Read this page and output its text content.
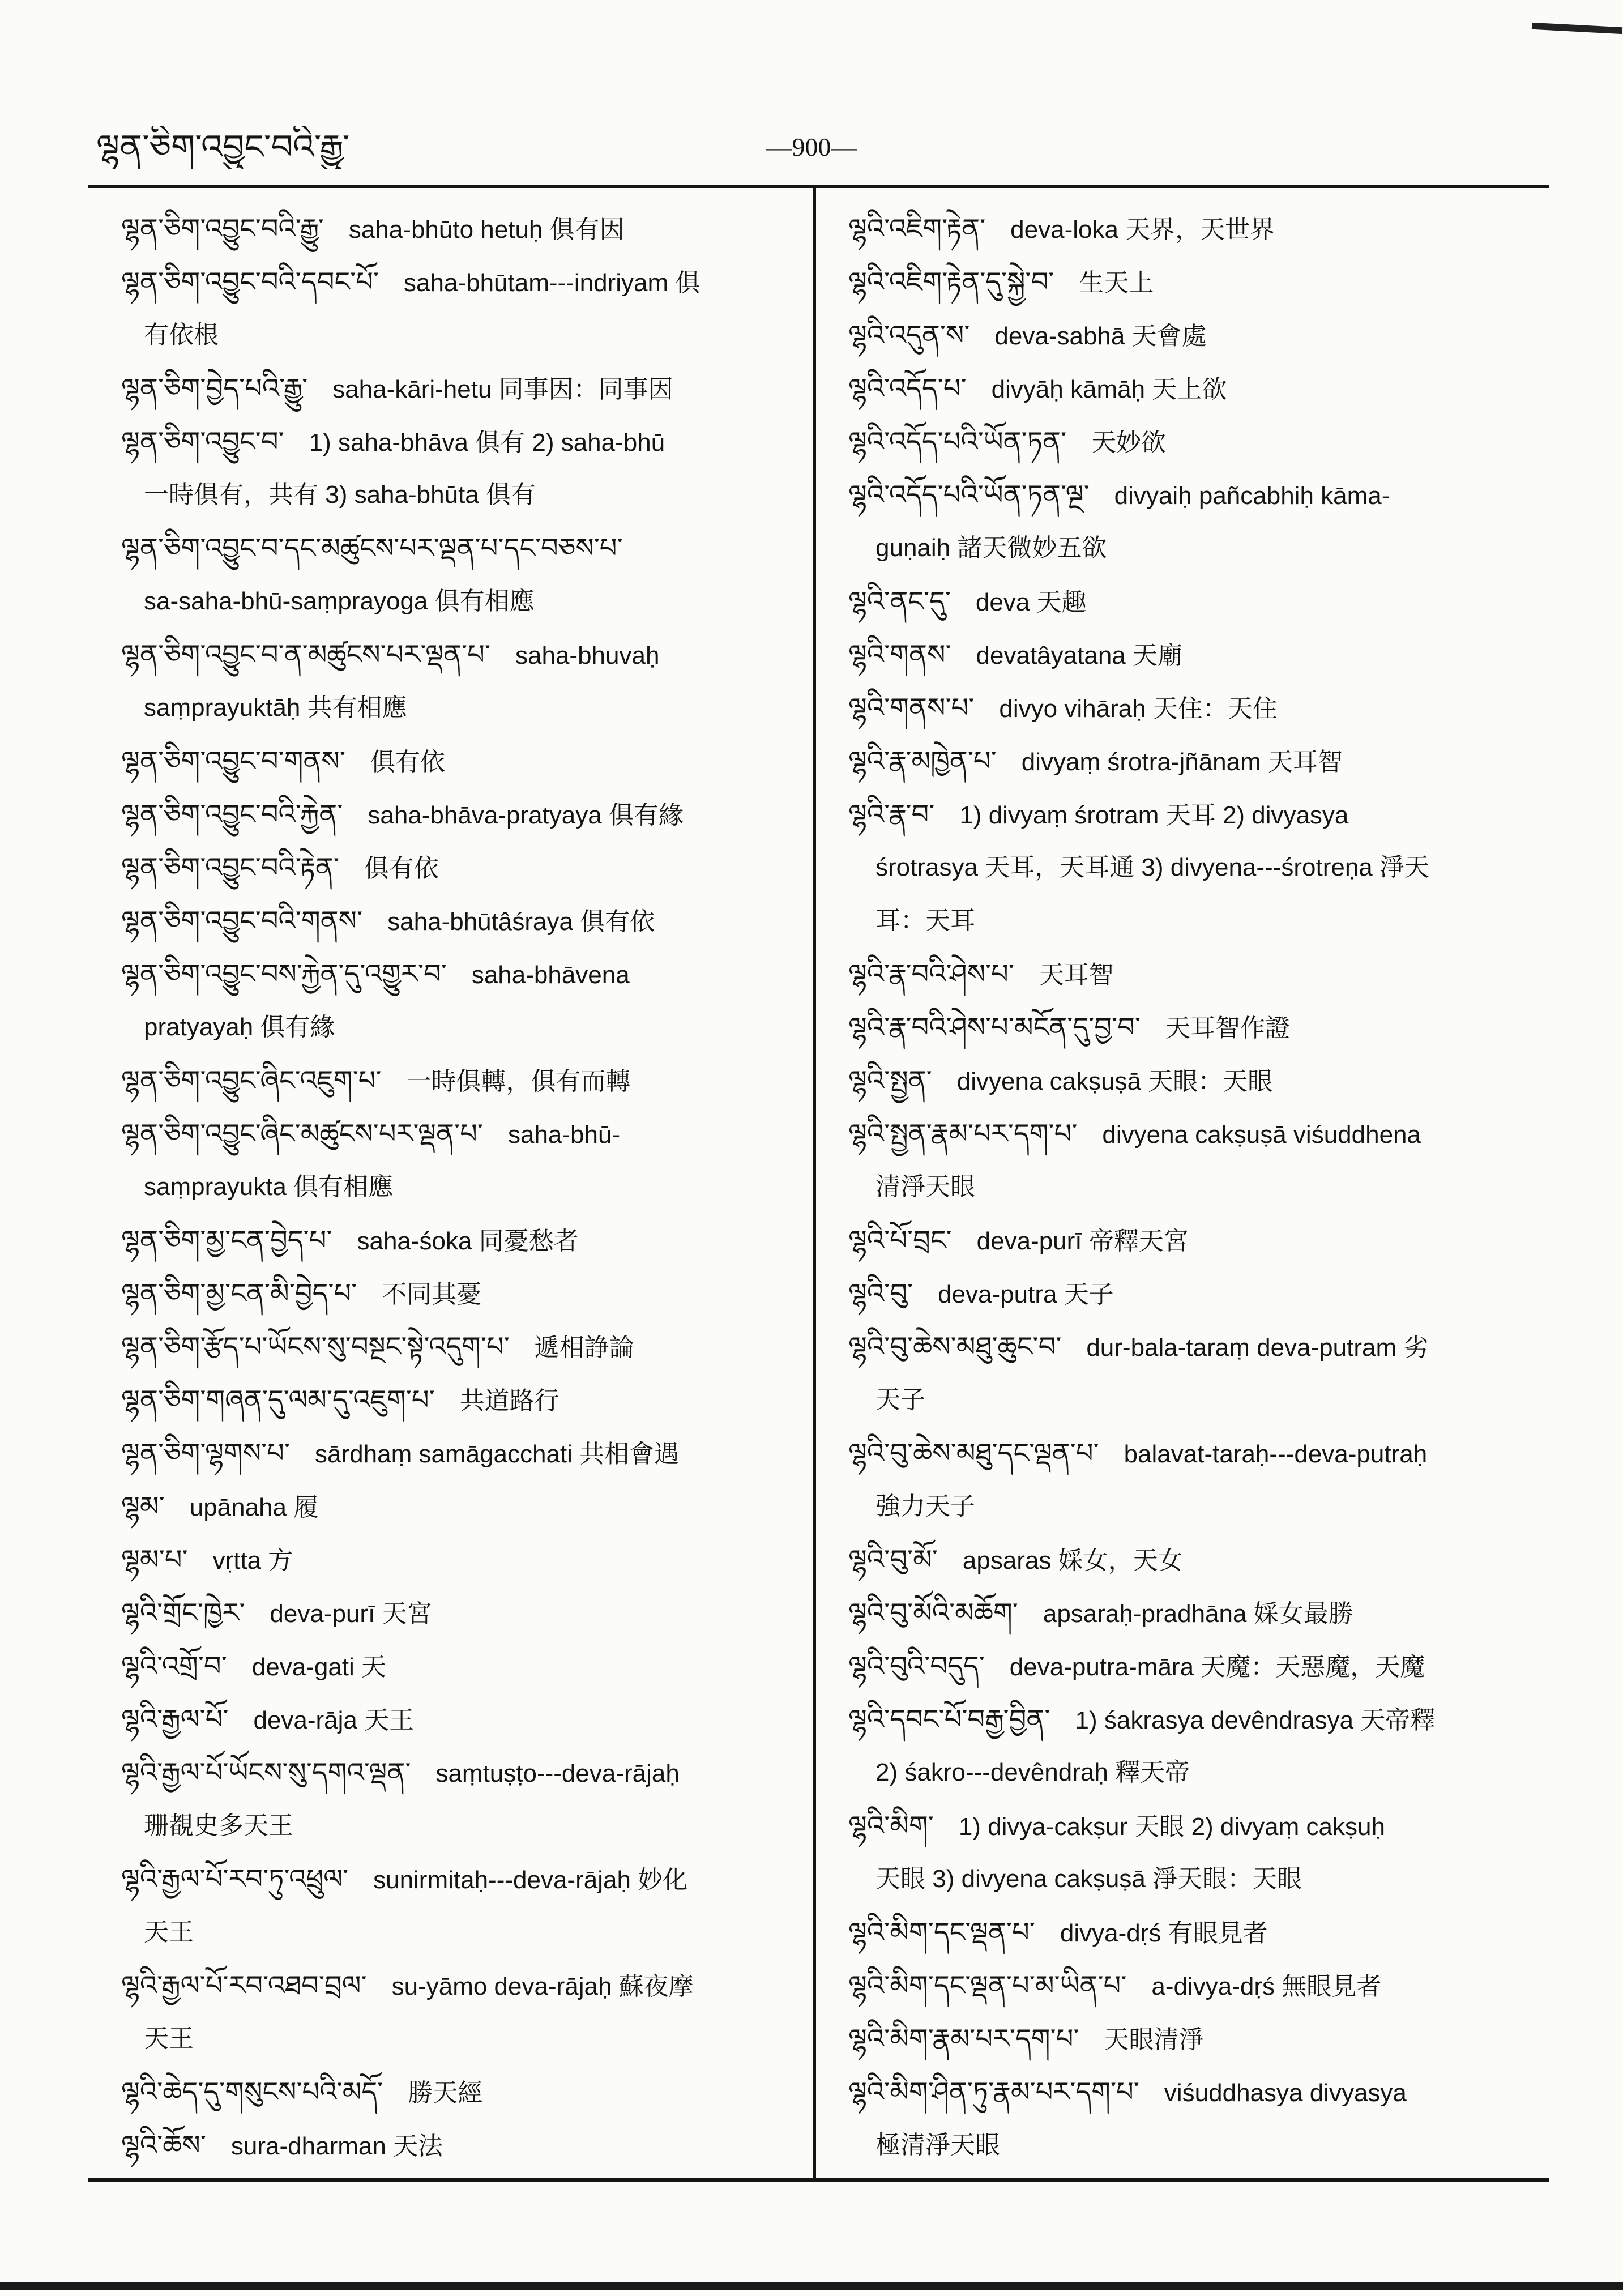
ལྷན་ཅིག་འབྱུང་བའི་རྒྱུ་	—900—
ལྷན་ཅིག་འབྱུང་བའི་རྒྱུ་ saha-bhūto hetuḥ 俱有因
ལྷན་ཅིག་འབྱུང་བའི་དབང་པོ་ saha-bhūtam---indriyam 俱
有依根
ལྷན་ཅིག་བྱེད་པའི་རྒྱུ་ saha-kāri-hetu 同事因：同事因
ལྷན་ཅིག་འབྱུང་བ་ 1) saha-bhāva 俱有 2) saha-bhū
一時俱有，共有 3) saha-bhūta 俱有
ལྷན་ཅིག་འབྱུང་བ་དང་མཚུངས་པར་ལྡན་པ་དང་བཅས་པ་
sa-saha-bhū-saṃprayoga 俱有相應
ལྷན་ཅིག་འབྱུང་བ་ན་མཚུངས་པར་ལྡན་པ་ saha-bhuvaḥ
saṃprayuktāḥ 共有相應
ལྷན་ཅིག་འབྱུང་བ་གནས་ 俱有依
ལྷན་ཅིག་འབྱུང་བའི་རྐྱེན་ saha-bhāva-pratyaya 俱有緣
ལྷན་ཅིག་འབྱུང་བའི་རྟེན་ 俱有依
ལྷན་ཅིག་འབྱུང་བའི་གནས་ saha-bhūtâśraya 俱有依
ལྷན་ཅིག་འབྱུང་བས་རྐྱེན་དུ་འགྱུར་བ་ saha-bhāvena
pratyayaḥ 俱有緣
ལྷན་ཅིག་འབྱུང་ཞིང་འཇུག་པ་ 一時俱轉，俱有而轉
ལྷན་ཅིག་འབྱུང་ཞིང་མཚུངས་པར་ལྡན་པ་ saha-bhū-
saṃprayukta 俱有相應
ལྷན་ཅིག་མྱ་ངན་བྱེད་པ་ saha-śoka 同憂愁者
ལྷན་ཅིག་མྱ་ངན་མི་བྱེད་པ་ 不同其憂
ལྷན་ཅིག་རྩོད་པ་ཡོངས་སུ་བསྔང་སྟེ་འདུག་པ་ 遞相諍論
ལྷན་ཅིག་གཞན་དུ་ལམ་དུ་འཇུག་པ་ 共道路行
ལྷན་ཅིག་ལྷགས་པ་ sārdhaṃ samāgacchati 共相會遇
ལྷམ་ upānaha 履
ལྷམ་པ་ vṛtta 方
ལྷའི་གྲོང་ཁྱེར་ deva-purī 天宮
ལྷའི་འགྲོ་བ་ deva-gati 天
ལྷའི་རྒྱལ་པོ་ deva-rāja 天王
ལྷའི་རྒྱལ་པོ་ཡོངས་སུ་དགའ་ལྡན་ saṃtuṣṭo---deva-rājaḥ
珊覩史多天王
ལྷའི་རྒྱལ་པོ་རབ་ཏུ་འཕྲུལ་ sunirmitaḥ---deva-rājaḥ 妙化
天王
ལྷའི་རྒྱལ་པོ་རབ་འཐབ་བྲལ་ su-yāmo deva-rājaḥ 蘇夜摩
天王
ལྷའི་ཆེད་དུ་གསུངས་པའི་མདོ་ 勝天經
ལྷའི་ཆོས་ sura-dharman 天法
ལྷའི་འཇིག་རྟེན་ deva-loka 天界，天世界
ལྷའི་འཇིག་རྟེན་དུ་སྐྱེ་བ་ 生天上
ལྷའི་འདུན་ས་ deva-sabhā 天會處
ལྷའི་འདོད་པ་ divyāḥ kāmāḥ 天上欲
ལྷའི་འདོད་པའི་ཡོན་ཏན་ 天妙欲
ལྷའི་འདོད་པའི་ཡོན་ཏན་ལྔ་ divyaiḥ pañcabhiḥ kāma-
guṇaiḥ 諸天微妙五欲
ལྷའི་ནང་དུ་ deva 天趣
ལྷའི་གནས་ devatâyatana 天廟
ལྷའི་གནས་པ་ divyo vihāraḥ 天住：天住
ལྷའི་རྣ་མཁྱེན་པ་ divyaṃ śrotra-jñānam 天耳智
ལྷའི་རྣ་བ་ 1) divyaṃ śrotram 天耳 2) divyasya
śrotrasya 天耳，天耳通 3) divyena---śrotreṇa 淨天
耳：天耳
ལྷའི་རྣ་བའི་ཤེས་པ་ 天耳智
ལྷའི་རྣ་བའི་ཤེས་པ་མངོན་དུ་བྱ་བ་ 天耳智作證
ལྷའི་སྤྱན་ divyena cakṣuṣā 天眼：天眼
ལྷའི་སྤྱན་རྣམ་པར་དག་པ་ divyena cakṣuṣā viśuddhena
清淨天眼
ལྷའི་པོ་བྲང་ deva-purī 帝釋天宮
ལྷའི་བུ་ deva-putra 天子
ལྷའི་བུ་ཆེས་མཐུ་ཆུང་བ་ dur-bala-taraṃ deva-putram 劣
天子
ལྷའི་བུ་ཆེས་མཐུ་དང་ལྡན་པ་ balavat-taraḥ---deva-putraḥ
強力天子
ལྷའི་བུ་མོ་ apsaras 婇女，天女
ལྷའི་བུ་མོའི་མཆོག་ apsaraḥ-pradhāna 婇女最勝
ལྷའི་བུའི་བདུད་ deva-putra-māra 天魔：天惡魔，天魔
ལྷའི་དབང་པོ་བརྒྱ་བྱིན་ 1) śakrasya devêndrasya 天帝釋
2) śakro---devêndraḥ 釋天帝
ལྷའི་མིག་ 1) divya-cakṣur 天眼 2) divyaṃ cakṣuḥ
天眼 3) divyena cakṣuṣā 淨天眼：天眼
ལྷའི་མིག་དང་ལྡན་པ་ divya-dṛś 有眼見者
ལྷའི་མིག་དང་ལྡན་པ་མ་ཡིན་པ་ a-divya-dṛś 無眼見者
ལྷའི་མིག་རྣམ་པར་དག་པ་ 天眼清淨
ལྷའི་མིག་ཤིན་ཏུ་རྣམ་པར་དག་པ་ viśuddhasya divyasya
極清淨天眼
